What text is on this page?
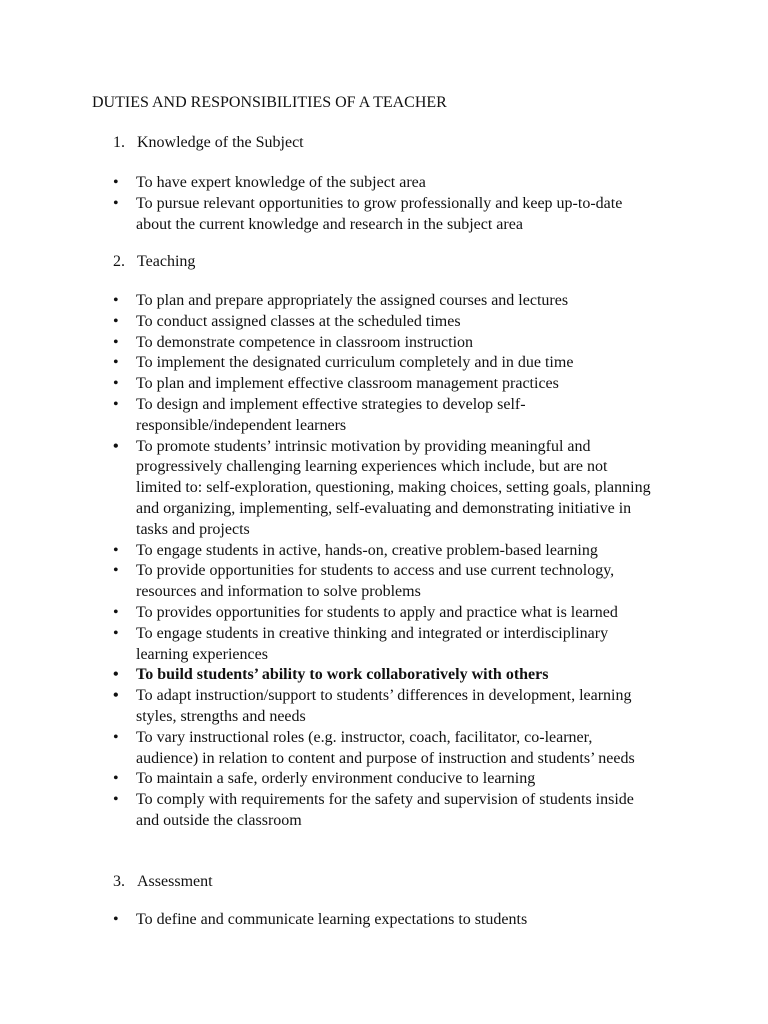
DUTIES AND RESPONSIBILITIES OF A TEACHER
1. Knowledge of the Subject
•	To have expert knowledge of the subject area
•	To pursue relevant opportunities to grow professionally and keep up-to-date about the current knowledge and research in the subject area
2. Teaching
•	To plan and prepare appropriately the assigned courses and lectures
•	To conduct assigned classes at the scheduled times
•	To demonstrate competence in classroom instruction
•	To implement the designated curriculum completely and in due time
•	To plan and implement effective classroom management practices
•	To design and implement effective strategies to develop self-responsible/independent learners
•	To promote students’ intrinsic motivation by providing meaningful and progressively challenging learning experiences which include, but are not limited to: self-exploration, questioning, making choices, setting goals, planning and organizing, implementing, self-evaluating and demonstrating initiative in tasks and projects
•	To engage students in active, hands-on, creative problem-based learning
•	To provide opportunities for students to access and use current technology, resources and information to solve problems
•	To provides opportunities for students to apply and practice what is learned
•	To engage students in creative thinking and integrated or interdisciplinary learning experiences
•	To build students’ ability to work collaboratively with others
•	To adapt instruction/support to students’ differences in development, learning styles, strengths and needs
•	To vary instructional roles (e.g. instructor, coach, facilitator, co-learner, audience) in relation to content and purpose of instruction and students’ needs
•	To maintain a safe, orderly environment conducive to learning
•	To comply with requirements for the safety and supervision of students inside and outside the classroom
3. Assessment
•	To define and communicate learning expectations to students
